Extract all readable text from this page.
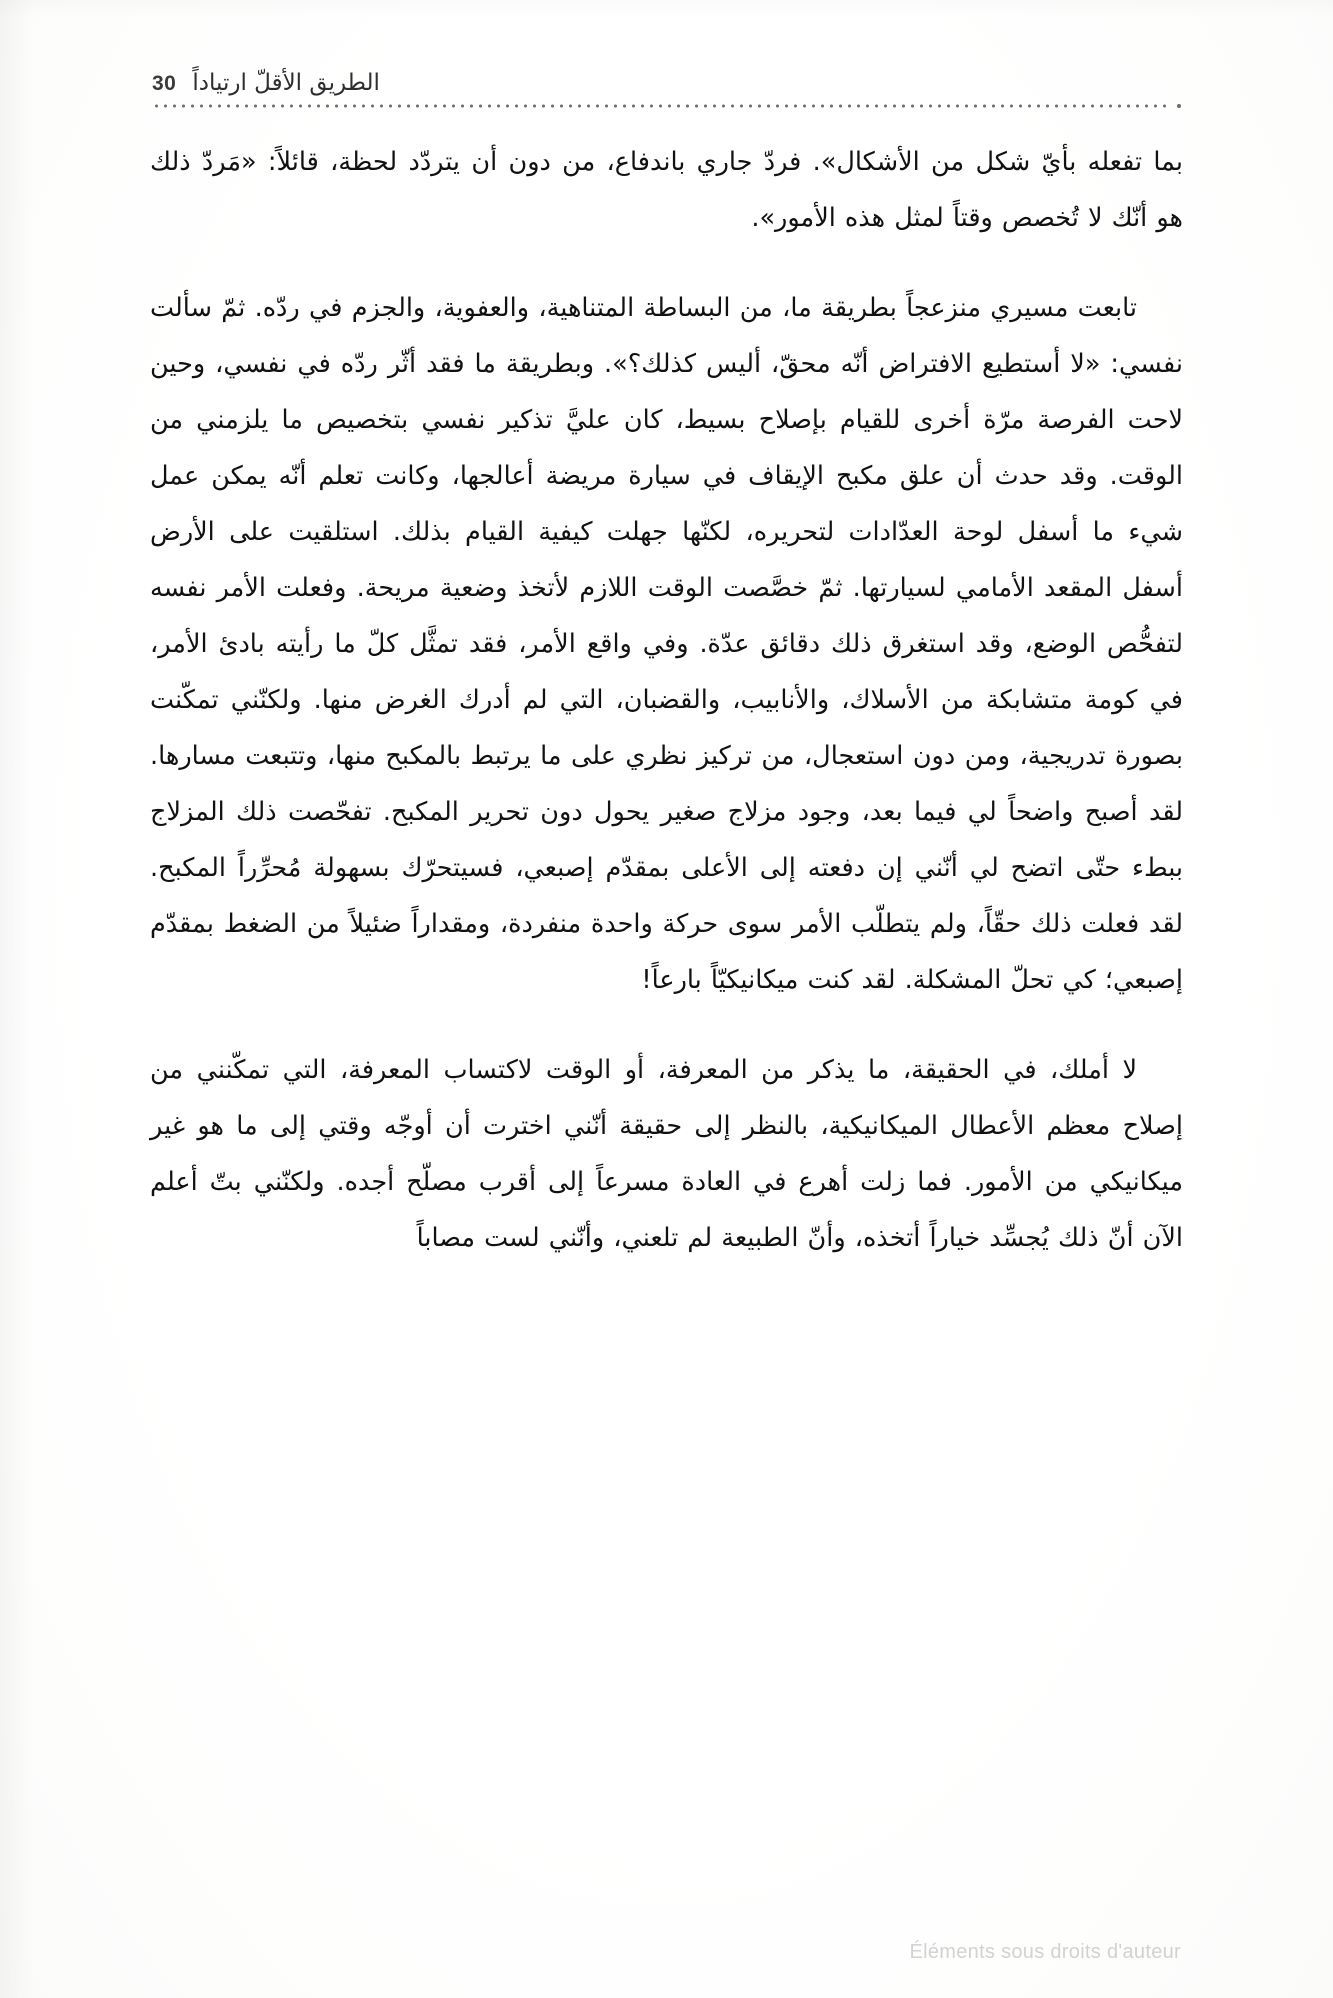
الطريق الأقلّ ارتياداً
30

بما تفعله بأيّ شكل من الأشكال». فردّ جاري باندفاع، من دون أن يتردّد لحظة، قائلاً: «مَردّ ذلك هو أنّك لا تُخصص وقتاً لمثل هذه الأمور».

تابعت مسيري منزعجاً بطريقة ما، من البساطة المتناهية، والعفوية، والجزم في ردّه. ثمّ سألت نفسي: «لا أستطيع الافتراض أنّه محقّ، أليس كذلك؟». وبطريقة ما فقد أثّر ردّه في نفسي، وحين لاحت الفرصة مرّة أخرى للقيام بإصلاح بسيط، كان عليَّ تذكير نفسي بتخصيص ما يلزمني من الوقت. وقد حدث أن علق مكبح الإيقاف في سيارة مريضة أعالجها، وكانت تعلم أنّه يمكن عمل شيء ما أسفل لوحة العدّادات لتحريره، لكنّها جهلت كيفية القيام بذلك. استلقيت على الأرض أسفل المقعد الأمامي لسيارتها. ثمّ خصَّصت الوقت اللازم لأتخذ وضعية مريحة. وفعلت الأمر نفسه لتفحُّص الوضع، وقد استغرق ذلك دقائق عدّة. وفي واقع الأمر، فقد تمثَّل كلّ ما رأيته بادئ الأمر، في كومة متشابكة من الأسلاك، والأنابيب، والقضبان، التي لم أدرك الغرض منها. ولكنّني تمكّنت بصورة تدريجية، ومن دون استعجال، من تركيز نظري على ما يرتبط بالمكبح منها، وتتبعت مسارها. لقد أصبح واضحاً لي فيما بعد، وجود مزلاج صغير يحول دون تحرير المكبح. تفحّصت ذلك المزلاج ببطء حتّى اتضح لي أنّني إن دفعته إلى الأعلى بمقدّم إصبعي، فسيتحرّك بسهولة مُحرِّراً المكبح. لقد فعلت ذلك حقّاً، ولم يتطلّب الأمر سوى حركة واحدة منفردة، ومقداراً ضئيلاً من الضغط بمقدّم إصبعي؛ كي تحلّ المشكلة. لقد كنت ميكانيكيّاً بارعاً!

لا أملك، في الحقيقة، ما يذكر من المعرفة، أو الوقت لاكتساب المعرفة، التي تمكّنني من إصلاح معظم الأعطال الميكانيكية، بالنظر إلى حقيقة أنّني اخترت أن أوجّه وقتي إلى ما هو غير ميكانيكي من الأمور. فما زلت أهرع في العادة مسرعاً إلى أقرب مصلّح أجده. ولكنّني بتّ أعلم الآن أنّ ذلك يُجسِّد خياراً أتخذه، وأنّ الطبيعة لم تلعني، وأنّني لست مصاباً

Éléments sous droits d'auteur
